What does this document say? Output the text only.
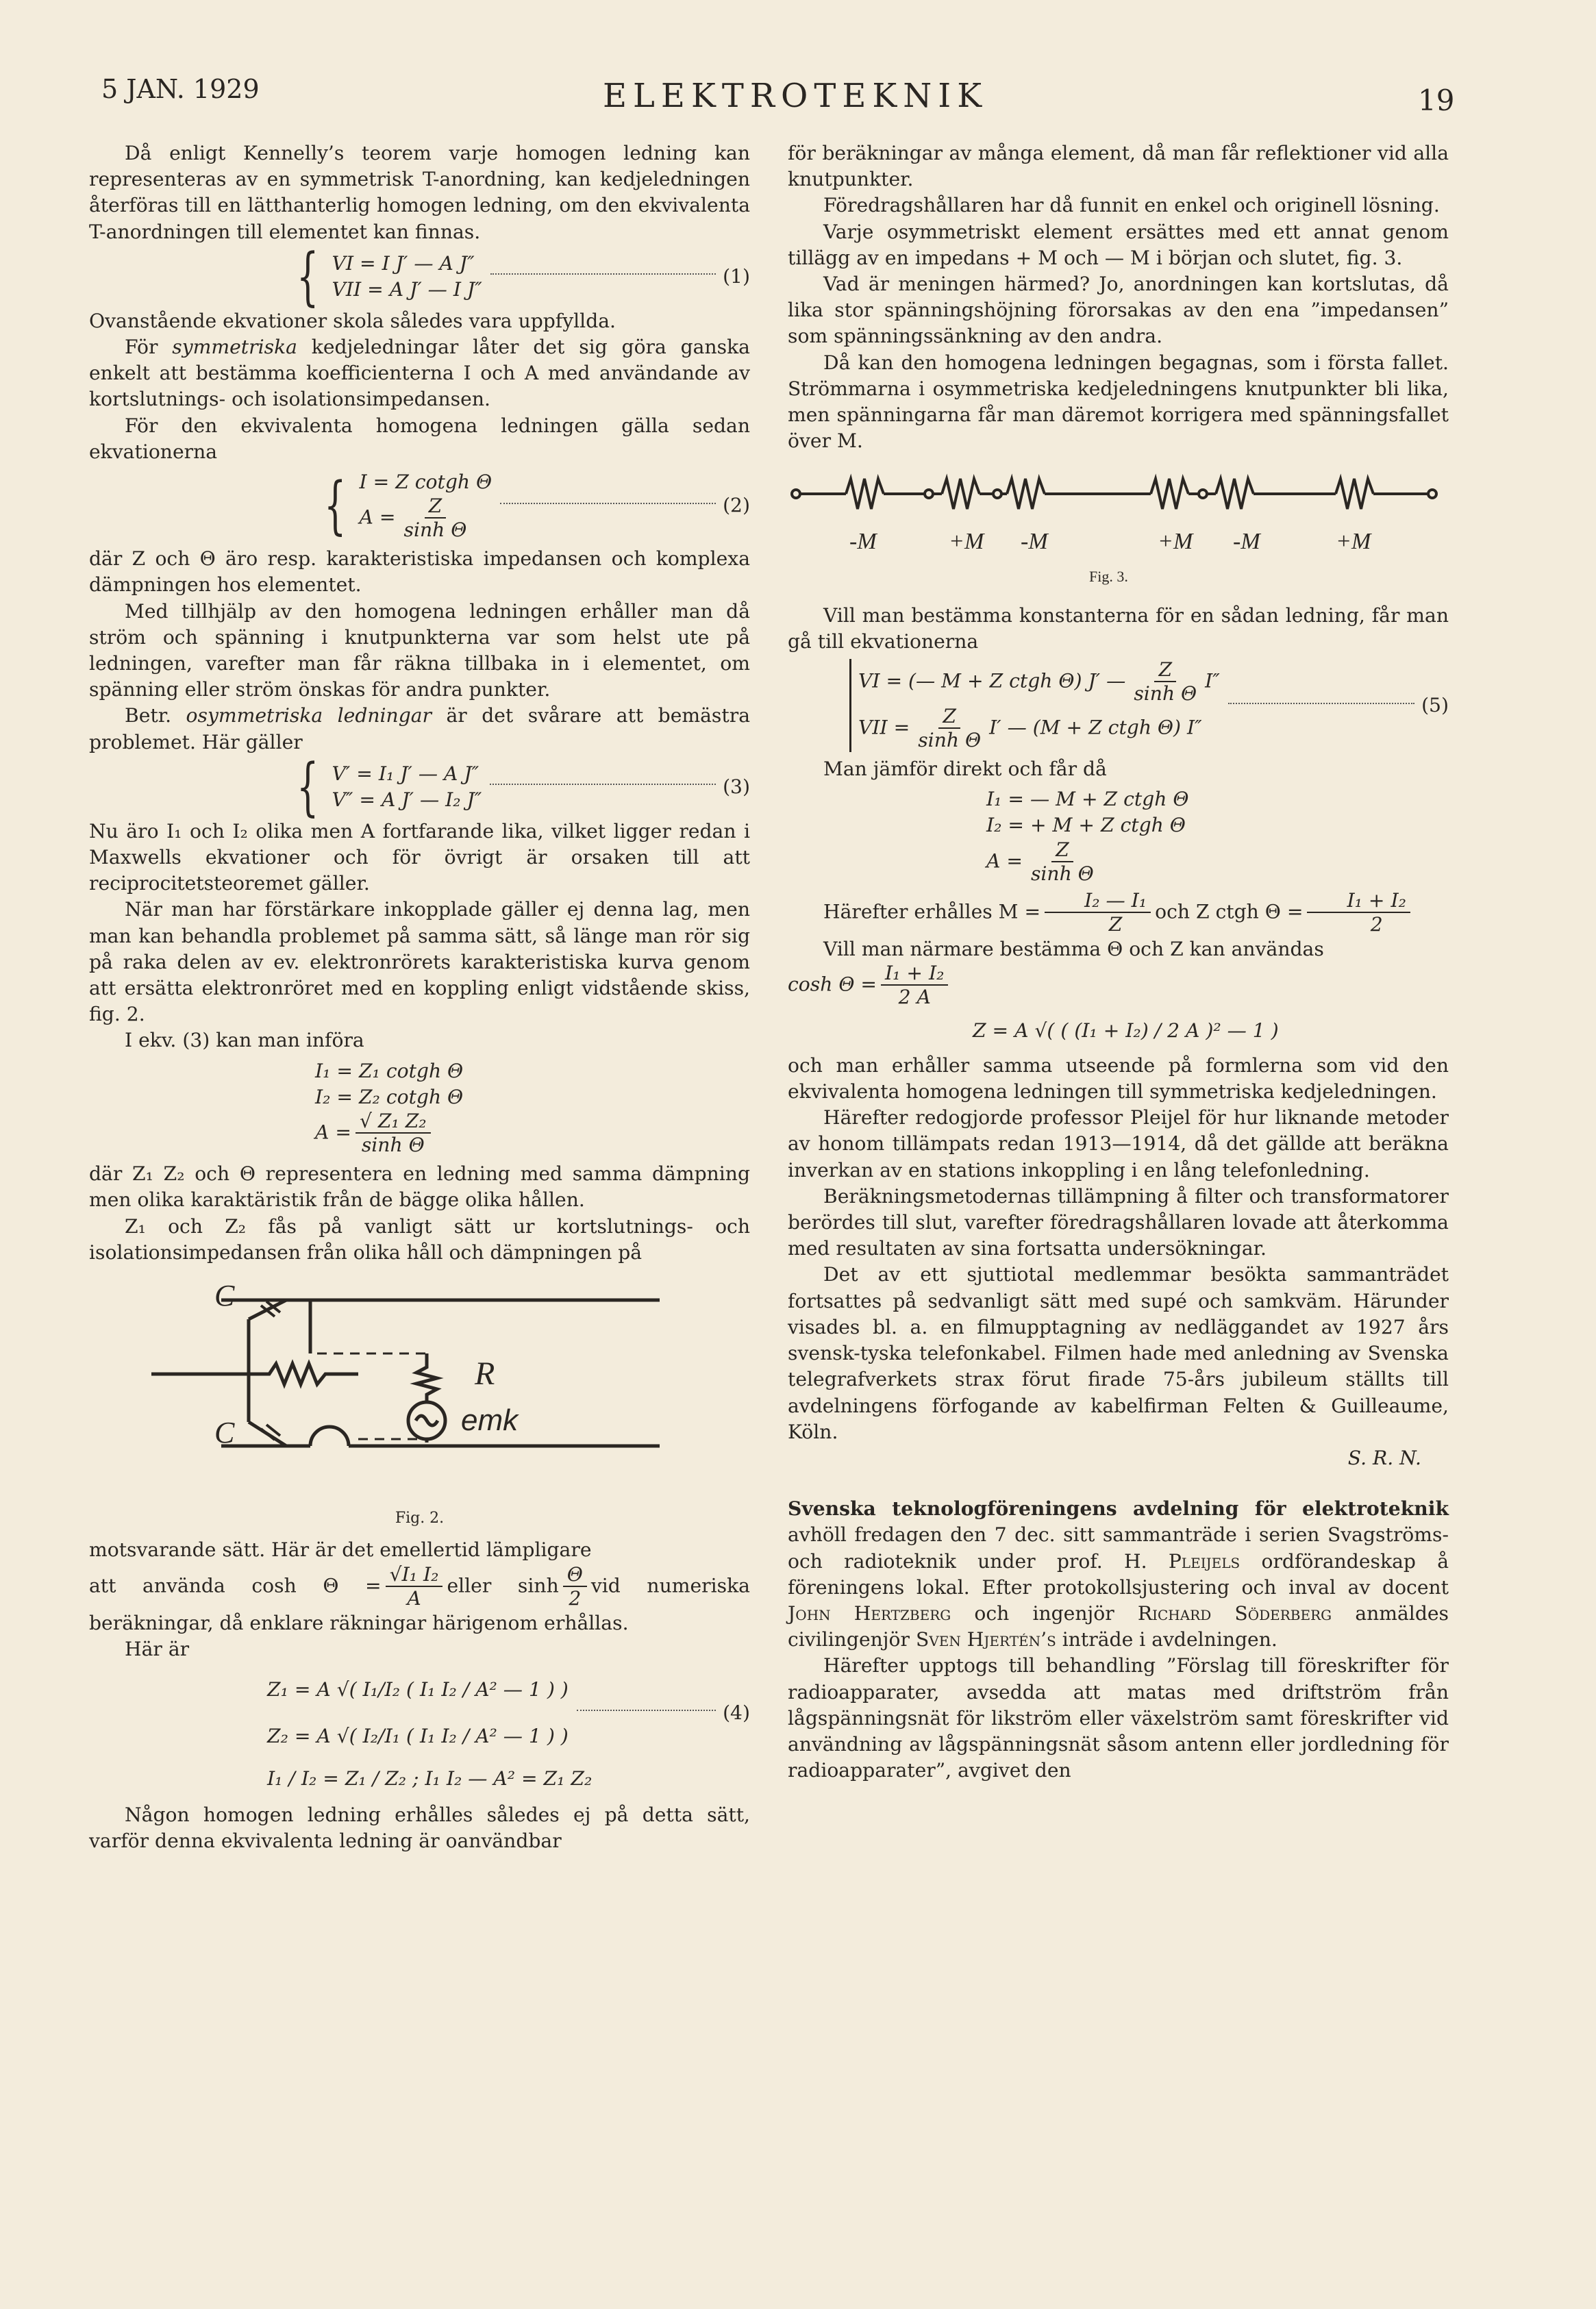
5 JAN. 1929	ELEKTROTEKNIK	19

Då enligt Kennelly’s teorem varje homogen ledning kan representeras av en symmetrisk T-anordning, kan kedjeledningen återföras till en lätthanterlig homogen ledning, om den ekvivalenta T-anordningen till elementet kan finnas.

{ VI = I J′ — A J″
VII = A J′ — I J″
(1)

Ovanstående ekvationer skola således vara uppfyllda.

För symmetriska kedjeledningar låter det sig göra ganska enkelt att bestämma koefficienterna I och A med användande av kortslutnings- och isolationsimpedansen.

För den ekvivalenta homogena ledningen gälla sedan ekvationerna

{ I = Z cotgh Θ
$A = \frac{Z}{\text{sinh Θ}}$	(2)

där Z och Θ äro resp. karakteristiska impedansen och komplexa dämpningen hos elementet.

Med tillhjälp av den homogena ledningen erhåller man då ström och spänning i knutpunkterna var som helst ute på ledningen, varefter man får räkna tillbaka in i elementet, om spänning eller ström önskas för andra punkter.

Betr. osymmetriska ledningar är det svårare att bemästra problemet. Här gäller

{ V′ = I₁ J′ — A J″
V″ = A J′ — I₂ J″
(3)

Nu äro I₁ och I₂ olika men A fortfarande lika, vilket ligger redan i Maxwells ekvationer och för övrigt är orsaken till att reciprocitetsteoremet gäller.

När man har förstärkare inkopplade gäller ej denna lag, men man kan behandla problemet på samma sätt, så länge man rör sig på raka delen av ev. elektronrörets karakteristiska kurva genom att ersätta elektronröret med en koppling enligt vidstående skiss, fig. 2.

I ekv. (3) kan man införa

I₁ = Z₁ cotgh Θ
I₂ = Z₂ cotgh Θ
$A = \frac{\text{√ Z₁ Z₂}}{\text{sinh Θ}}$

där Z₁ Z₂ och Θ representera en ledning med samma dämpning men olika karaktäristik från de bägge olika hållen.

Z₁ och Z₂ fås på vanligt sätt ur kortslutnings- och isolationsimpedansen från olika håll och dämpningen på

C
C
R
emk
Fig. 2.

motsvarande sätt. Här är det emellertid lämpligare

att använda $\cosh \Theta = \frac{\text{√I₁ I₂}}{A}$ eller $\sinh \frac{\Theta}{2}$ vid numeriska beräkningar, då enklare räkningar härigenom erhållas.

Här är

Z₁ = A √( I₁/I₂ ( I₁ I₂ / A² — 1 ) )
Z₂ = A √( I₂/I₁ ( I₁ I₂ / A² — 1 ) )
(4)
I₁ / I₂ = Z₁ / Z₂ ; I₁ I₂ — A² = Z₁ Z₂

Någon homogen ledning erhålles således ej på detta sätt, varför denna ekvivalenta ledning är oanvändbar

för beräkningar av många element, då man får reflektioner vid alla knutpunkter.

Föredragshållaren har då funnit en enkel och originell lösning.

Varje osymmetriskt element ersättes med ett annat genom tillägg av en impedans + M och — M i början och slutet, fig. 3.

Vad är meningen härmed? Jo, anordningen kan kortslutas, då lika stor spänningshöjning förorsakas av den ena ”impedansen” som spänningssänkning av den andra.

Då kan den homogena ledningen begagnas, som i första fallet. Strömmarna i osymmetriska kedjeledningens knutpunkter bli lika, men spänningarna får man däremot korrigera med spänningsfallet över M.

-M	+M -M	+M -M	+M
Fig. 3.

Vill man bestämma konstanterna för en sådan ledning, får man gå till ekvationerna

VI = (— M + Z ctgh Θ) J′ — $\frac{Z}{\text{sinh Θ}} I''$
VII = $\frac{Z}{\text{sinh Θ}} I'$ — (M + Z ctgh Θ) I″
(5)

Man jämför direkt och får då

I₁ = — M + Z ctgh Θ
I₂ = + M + Z ctgh Θ
$A = \frac{Z}{\text{sinh Θ}}$

Härefter erhålles $M = \frac{\text{I₂ — I₁}}{Z}$ och Z ctgh $\Theta = \frac{\text{I₁ + I₂}}{2}$

Vill man närmare bestämma Θ och Z kan användas

$\cosh \Theta = \frac{\text{I₁ + I₂}}{2 A}$

Z = A √( ( (I₁ + I₂) / 2 A )² — 1 )

och man erhåller samma utseende på formlerna som vid den ekvivalenta homogena ledningen till symmetriska kedjeledningen.

Härefter redogjorde professor Pleijel för hur liknande metoder av honom tillämpats redan 1913—1914, då det gällde att beräkna inverkan av en stations inkoppling i en lång telefonledning.

Beräkningsmetodernas tillämpning å filter och transformatorer berördes till slut, varefter föredragshållaren lovade att återkomma med resultaten av sina fortsatta undersökningar.

Det av ett sjuttiotal medlemmar besökta sammanträdet fortsattes på sedvanligt sätt med supé och samkväm. Härunder visades bl. a. en filmupptagning av nedläggandet av 1927 års svensk-tyska telefonkabel. Filmen hade med anledning av Svenska telegrafverkets strax förut firade 75-års jubileum ställts till avdelningens förfogande av kabelfirman Felten & Guilleaume, Köln.

S. R. N.

Svenska teknologföreningens avdelning för elektroteknik avhöll fredagen den 7 dec. sitt sammanträde i serien Svagströms- och radioteknik under prof. H. Pleijels ordförandeskap å föreningens lokal. Efter protokollsjustering och inval av docent John Hertzberg och ingenjör Richard Söderberg anmäldes civilingenjör Sven Hjertén’s inträde i avdelningen.

Härefter upptogs till behandling ”Förslag till föreskrifter för radioapparater, avsedda att matas med driftström från lågspänningsnät för likström eller växelström samt föreskrifter vid användning av lågspänningsnät såsom antenn eller jordledning för radioapparater”, avgivet den
